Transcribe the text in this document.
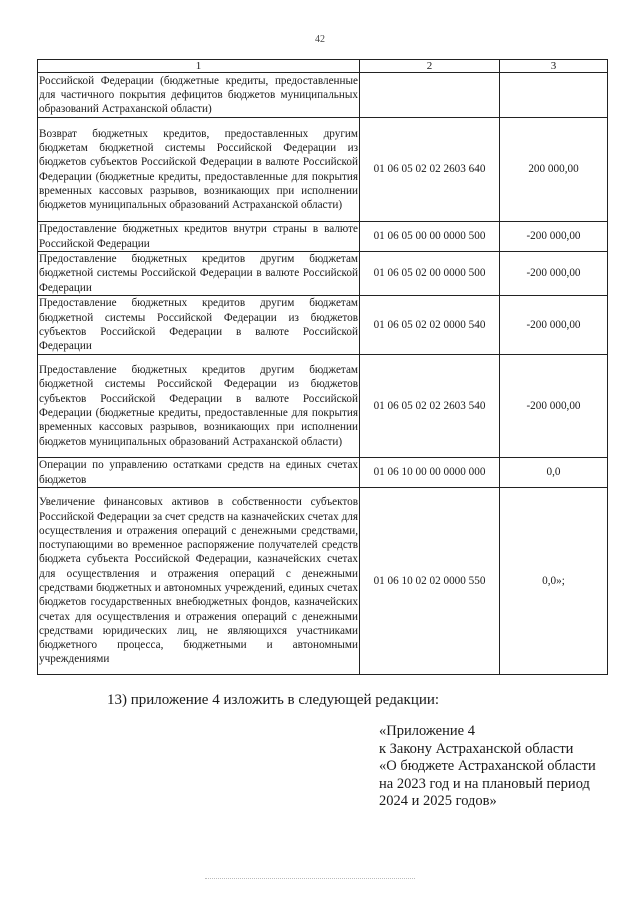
42
1	2	3
Российской Федерации (бюджетные кредиты, предоставленные для частичного покрытия дефицитов бюджетов муниципальных образований Астраханской области)		
Возврат бюджетных кредитов, предоставленных другим бюджетам бюджетной системы Российской Федерации из бюджетов субъектов Российской Федерации в валюте Российской Федерации (бюджетные кредиты, предоставленные для покрытия временных кассовых разрывов, возникающих при исполнении бюджетов муниципальных образований Астраханской области)	01 06 05 02 02 2603 640	200 000,00
Предоставление бюджетных кредитов внутри страны в валюте Российской Федерации	01 06 05 00 00 0000 500	-200 000,00
Предоставление бюджетных кредитов другим бюджетам бюджетной системы Российской Федерации в валюте Российской Федерации	01 06 05 02 00 0000 500	-200 000,00
Предоставление бюджетных кредитов другим бюджетам бюджетной системы Российской Федерации из бюджетов субъектов Российской Федерации в валюте Российской Федерации	01 06 05 02 02 0000 540	-200 000,00
Предоставление бюджетных кредитов другим бюджетам бюджетной системы Российской Федерации из бюджетов субъектов Российской Федерации в валюте Российской Федерации (бюджетные кредиты, предоставленные для покрытия временных кассовых разрывов, возникающих при исполнении бюджетов муниципальных образований Астраханской области)	01 06 05 02 02 2603 540	-200 000,00
Операции по управлению остатками средств на единых счетах бюджетов	01 06 10 00 00 0000 000	0,0
Увеличение финансовых активов в собственности субъектов Российской Федерации за счет средств на казначейских счетах для осуществления и отражения операций с денежными средствами, поступающими во временное распоряжение получателей средств бюджета субъекта Российской Федерации, казначейских счетах для осуществления и отражения операций с денежными средствами бюджетных и автономных учреждений, единых счетах бюджетов государственных внебюджетных фондов, казначейских счетах для осуществления и отражения операций с денежными средствами юридических лиц, не являющихся участниками бюджетного процесса, бюджетными и автономными учреждениями	01 06 10 02 02 0000 550	0,0»;
13) приложение 4 изложить в следующей редакции:
«Приложение 4
к Закону Астраханской области
«О бюджете Астраханской области
на 2023 год и на плановый период
2024 и 2025 годов»
